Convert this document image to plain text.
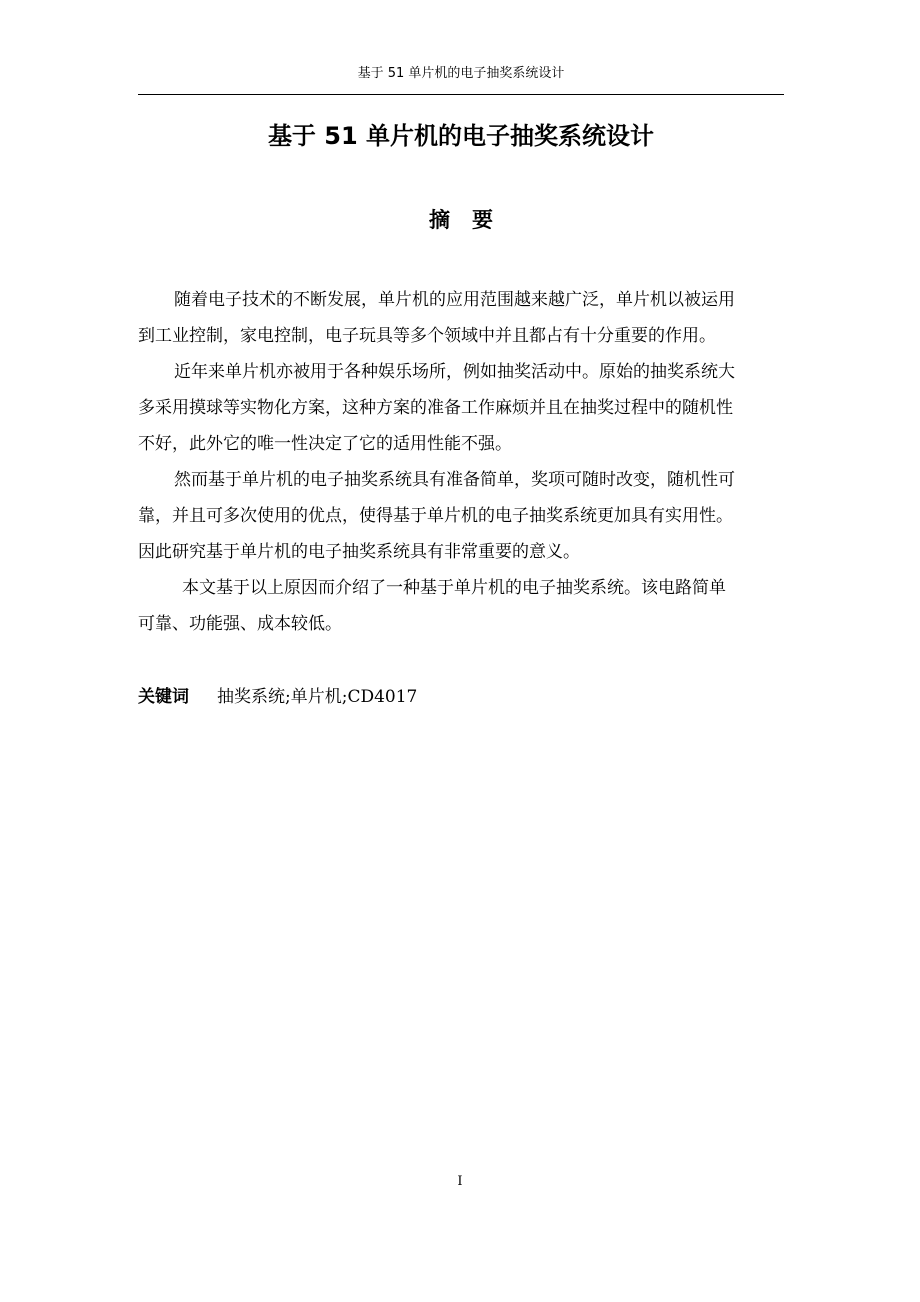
基于 51 单片机的电子抽奖系统设计
基于 51 单片机的电子抽奖系统设计
摘要
随着电子技术的不断发展，单片机的应用范围越来越广泛，单片机以被运用
到工业控制，家电控制，电子玩具等多个领域中并且都占有十分重要的作用。
近年来单片机亦被用于各种娱乐场所，例如抽奖活动中。原始的抽奖系统大
多采用摸球等实物化方案，这种方案的准备工作麻烦并且在抽奖过程中的随机性
不好，此外它的唯一性决定了它的适用性能不强。
然而基于单片机的电子抽奖系统具有准备简单，奖项可随时改变，随机性可
靠，并且可多次使用的优点，使得基于单片机的电子抽奖系统更加具有实用性。
因此研究基于单片机的电子抽奖系统具有非常重要的意义。
本文基于以上原因而介绍了一种基于单片机的电子抽奖系统。该电路简单
可靠、功能强、成本较低。
关键词 抽奖系统;单片机;CD4017
I
